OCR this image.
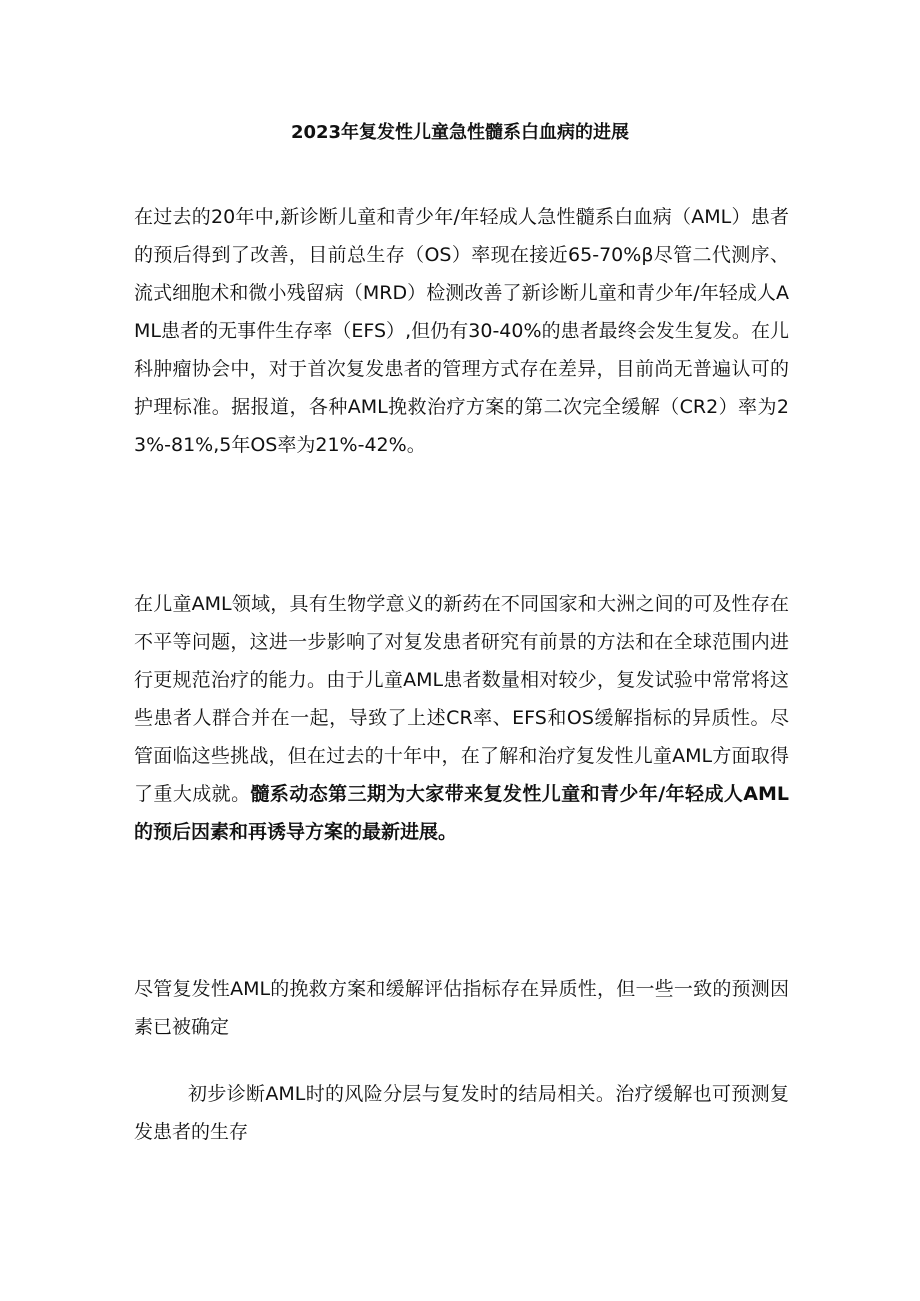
2023年复发性儿童急性髓系白血病的进展

在过去的20年中,新诊断儿童和青少年/年轻成人急性髓系白血病（AML）患者的预后得到了改善，目前总生存（OS）率现在接近65-70%β尽管二代测序、流式细胞术和微小残留病（MRD）检测改善了新诊断儿童和青少年/年轻成人AML患者的无事件生存率（EFS）,但仍有30-40%的患者最终会发生复发。在儿科肿瘤协会中，对于首次复发患者的管理方式存在差异，目前尚无普遍认可的护理标准。据报道，各种AML挽救治疗方案的第二次完全缓解（CR2）率为23%-81%,5年OS率为21%-42%。

在儿童AML领域，具有生物学意义的新药在不同国家和大洲之间的可及性存在不平等问题，这进一步影响了对复发患者研究有前景的方法和在全球范围内进行更规范治疗的能力。由于儿童AML患者数量相对较少，复发试验中常常将这些患者人群合并在一起，导致了上述CR率、EFS和OS缓解指标的异质性。尽管面临这些挑战，但在过去的十年中，在了解和治疗复发性儿童AML方面取得了重大成就。髓系动态第三期为大家带来复发性儿童和青少年/年轻成人AML的预后因素和再诱导方案的最新进展。

尽管复发性AML的挽救方案和缓解评估指标存在异质性，但一些一致的预测因素已被确定

初步诊断AML时的风险分层与复发时的结局相关。治疗缓解也可预测复发患者的生存
